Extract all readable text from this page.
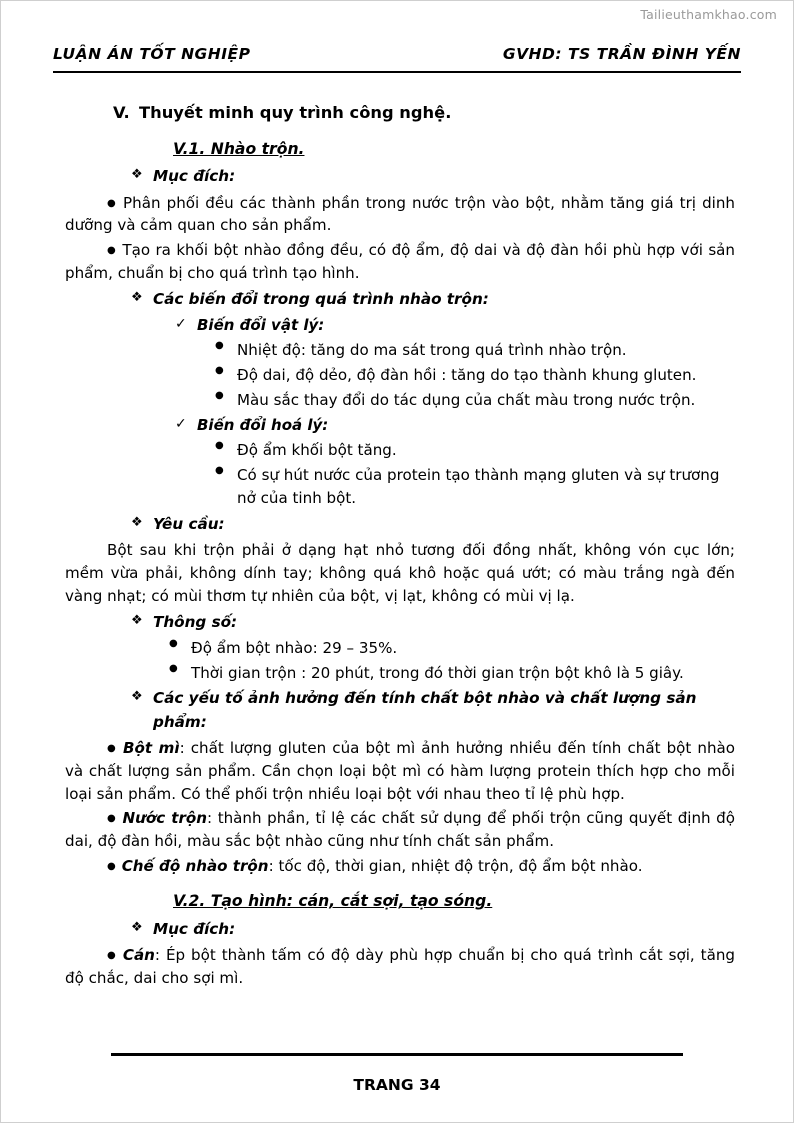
Tailieuthamkhao.com
LUẬN ÁN TỐT NGHIỆP	GVHD: TS TRẦN ĐÌNH YẾN
V. Thuyết minh quy trình công nghệ.
V.1. Nhào trộn.
❖ Mục đích:
● Phân phối đều các thành phần trong nước trộn vào bột, nhằm tăng giá trị dinh dưỡng và cảm quan cho sản phẩm.
● Tạo ra khối bột nhào đồng đều, có độ ẩm, độ dai và độ đàn hồi phù hợp với sản phẩm, chuẩn bị cho quá trình tạo hình.
❖ Các biến đổi trong quá trình nhào trộn:
✓ Biến đổi vật lý:
● Nhiệt độ: tăng do ma sát trong quá trình nhào trộn.
● Độ dai, độ dẻo, độ đàn hồi : tăng do tạo thành khung gluten.
● Màu sắc thay đổi do tác dụng của chất màu trong nước trộn.
✓ Biến đổi hoá lý:
● Độ ẩm khối bột tăng.
● Có sự hút nước của protein tạo thành mạng gluten và sự trương nở của tinh bột.
❖ Yêu cầu:
Bột sau khi trộn phải ở dạng hạt nhỏ tương đối đồng nhất, không vón cục lớn; mềm vừa phải, không dính tay; không quá khô hoặc quá ướt; có màu trắng ngà đến vàng nhạt; có mùi thơm tự nhiên của bột, vị lạt, không có mùi vị lạ.
❖ Thông số:
● Độ ẩm bột nhào: 29 – 35%.
● Thời gian trộn : 20 phút, trong đó thời gian trộn bột khô là 5 giây.
❖ Các yếu tố ảnh hưởng đến tính chất bột nhào và chất lượng sản phẩm:
● Bột mì: chất lượng gluten của bột mì ảnh hưởng nhiều đến tính chất bột nhào và chất lượng sản phẩm. Cần chọn loại bột mì có hàm lượng protein thích hợp cho mỗi loại sản phẩm. Có thể phối trộn nhiều loại bột với nhau theo tỉ lệ phù hợp.
● Nước trộn: thành phần, tỉ lệ các chất sử dụng để phối trộn cũng quyết định độ dai, độ đàn hồi, màu sắc bột nhào cũng như tính chất sản phẩm.
● Chế độ nhào trộn: tốc độ, thời gian, nhiệt độ trộn, độ ẩm bột nhào.
V.2. Tạo hình: cán, cắt sợi, tạo sóng.
❖ Mục đích:
● Cán: Ép bột thành tấm có độ dày phù hợp chuẩn bị cho quá trình cắt sợi, tăng độ chắc, dai cho sợi mì.
TRANG 34
